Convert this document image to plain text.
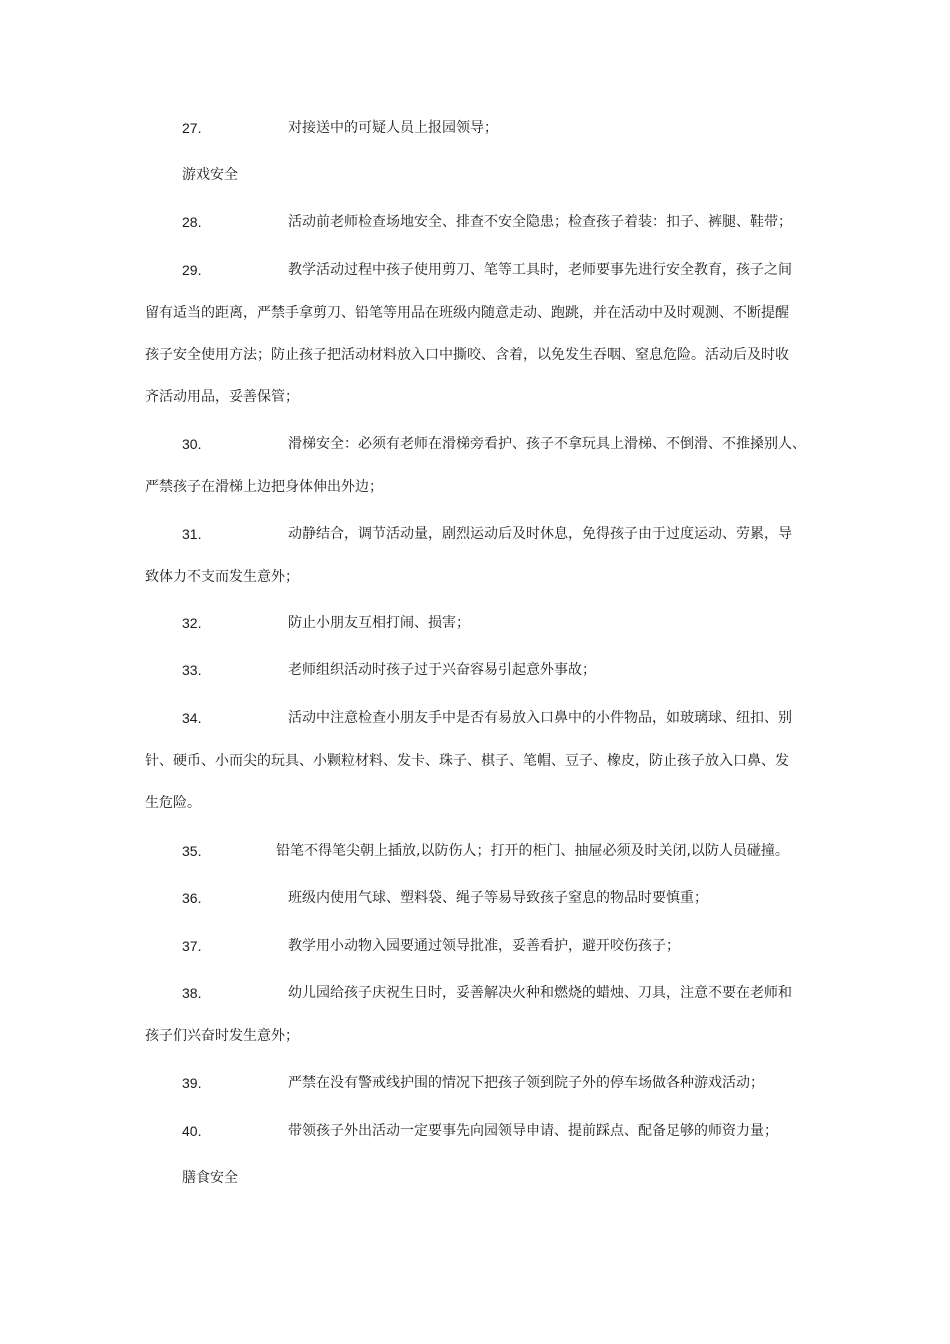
27.	对接送中的可疑人员上报园领导；
游戏安全
28.	活动前老师检查场地安全、排查不安全隐患；检查孩子着装：扣子、裤腿、鞋带；
29.	教学活动过程中孩子使用剪刀、笔等工具时，老师要事先进行安全教育，孩子之间
留有适当的距离，严禁手拿剪刀、铅笔等用品在班级内随意走动、跑跳，并在活动中及时观测、不断提醒
孩子安全使用方法；防止孩子把活动材料放入口中撕咬、含着，以免发生吞咽、窒息危险。活动后及时收
齐活动用品，妥善保管；
30.	滑梯安全：必须有老师在滑梯旁看护、孩子不拿玩具上滑梯、不倒滑、不推搡别人、
严禁孩子在滑梯上边把身体伸出外边；
31.	动静结合，调节活动量，剧烈运动后及时休息，免得孩子由于过度运动、劳累，导
致体力不支而发生意外；
32.	防止小朋友互相打闹、损害；
33.	老师组织活动时孩子过于兴奋容易引起意外事故；
34.	活动中注意检查小朋友手中是否有易放入口鼻中的小件物品，如玻璃球、纽扣、别
针、硬币、小而尖的玩具、小颗粒材料、发卡、珠子、棋子、笔帽、豆子、橡皮，防止孩子放入口鼻、发
生危险。
35.	铅笔不得笔尖朝上插放,以防伤人；打开的柜门、抽屉必须及时关闭,以防人员碰撞。
36.	班级内使用气球、塑料袋、绳子等易导致孩子窒息的物品时要慎重；
37.	教学用小动物入园要通过领导批准，妥善看护，避开咬伤孩子；
38.	幼儿园给孩子庆祝生日时，妥善解决火种和燃烧的蜡烛、刀具，注意不要在老师和
孩子们兴奋时发生意外；
39.	严禁在没有警戒线护围的情况下把孩子领到院子外的停车场做各种游戏活动；
40.	带领孩子外出活动一定要事先向园领导申请、提前踩点、配备足够的师资力量；
膳食安全
